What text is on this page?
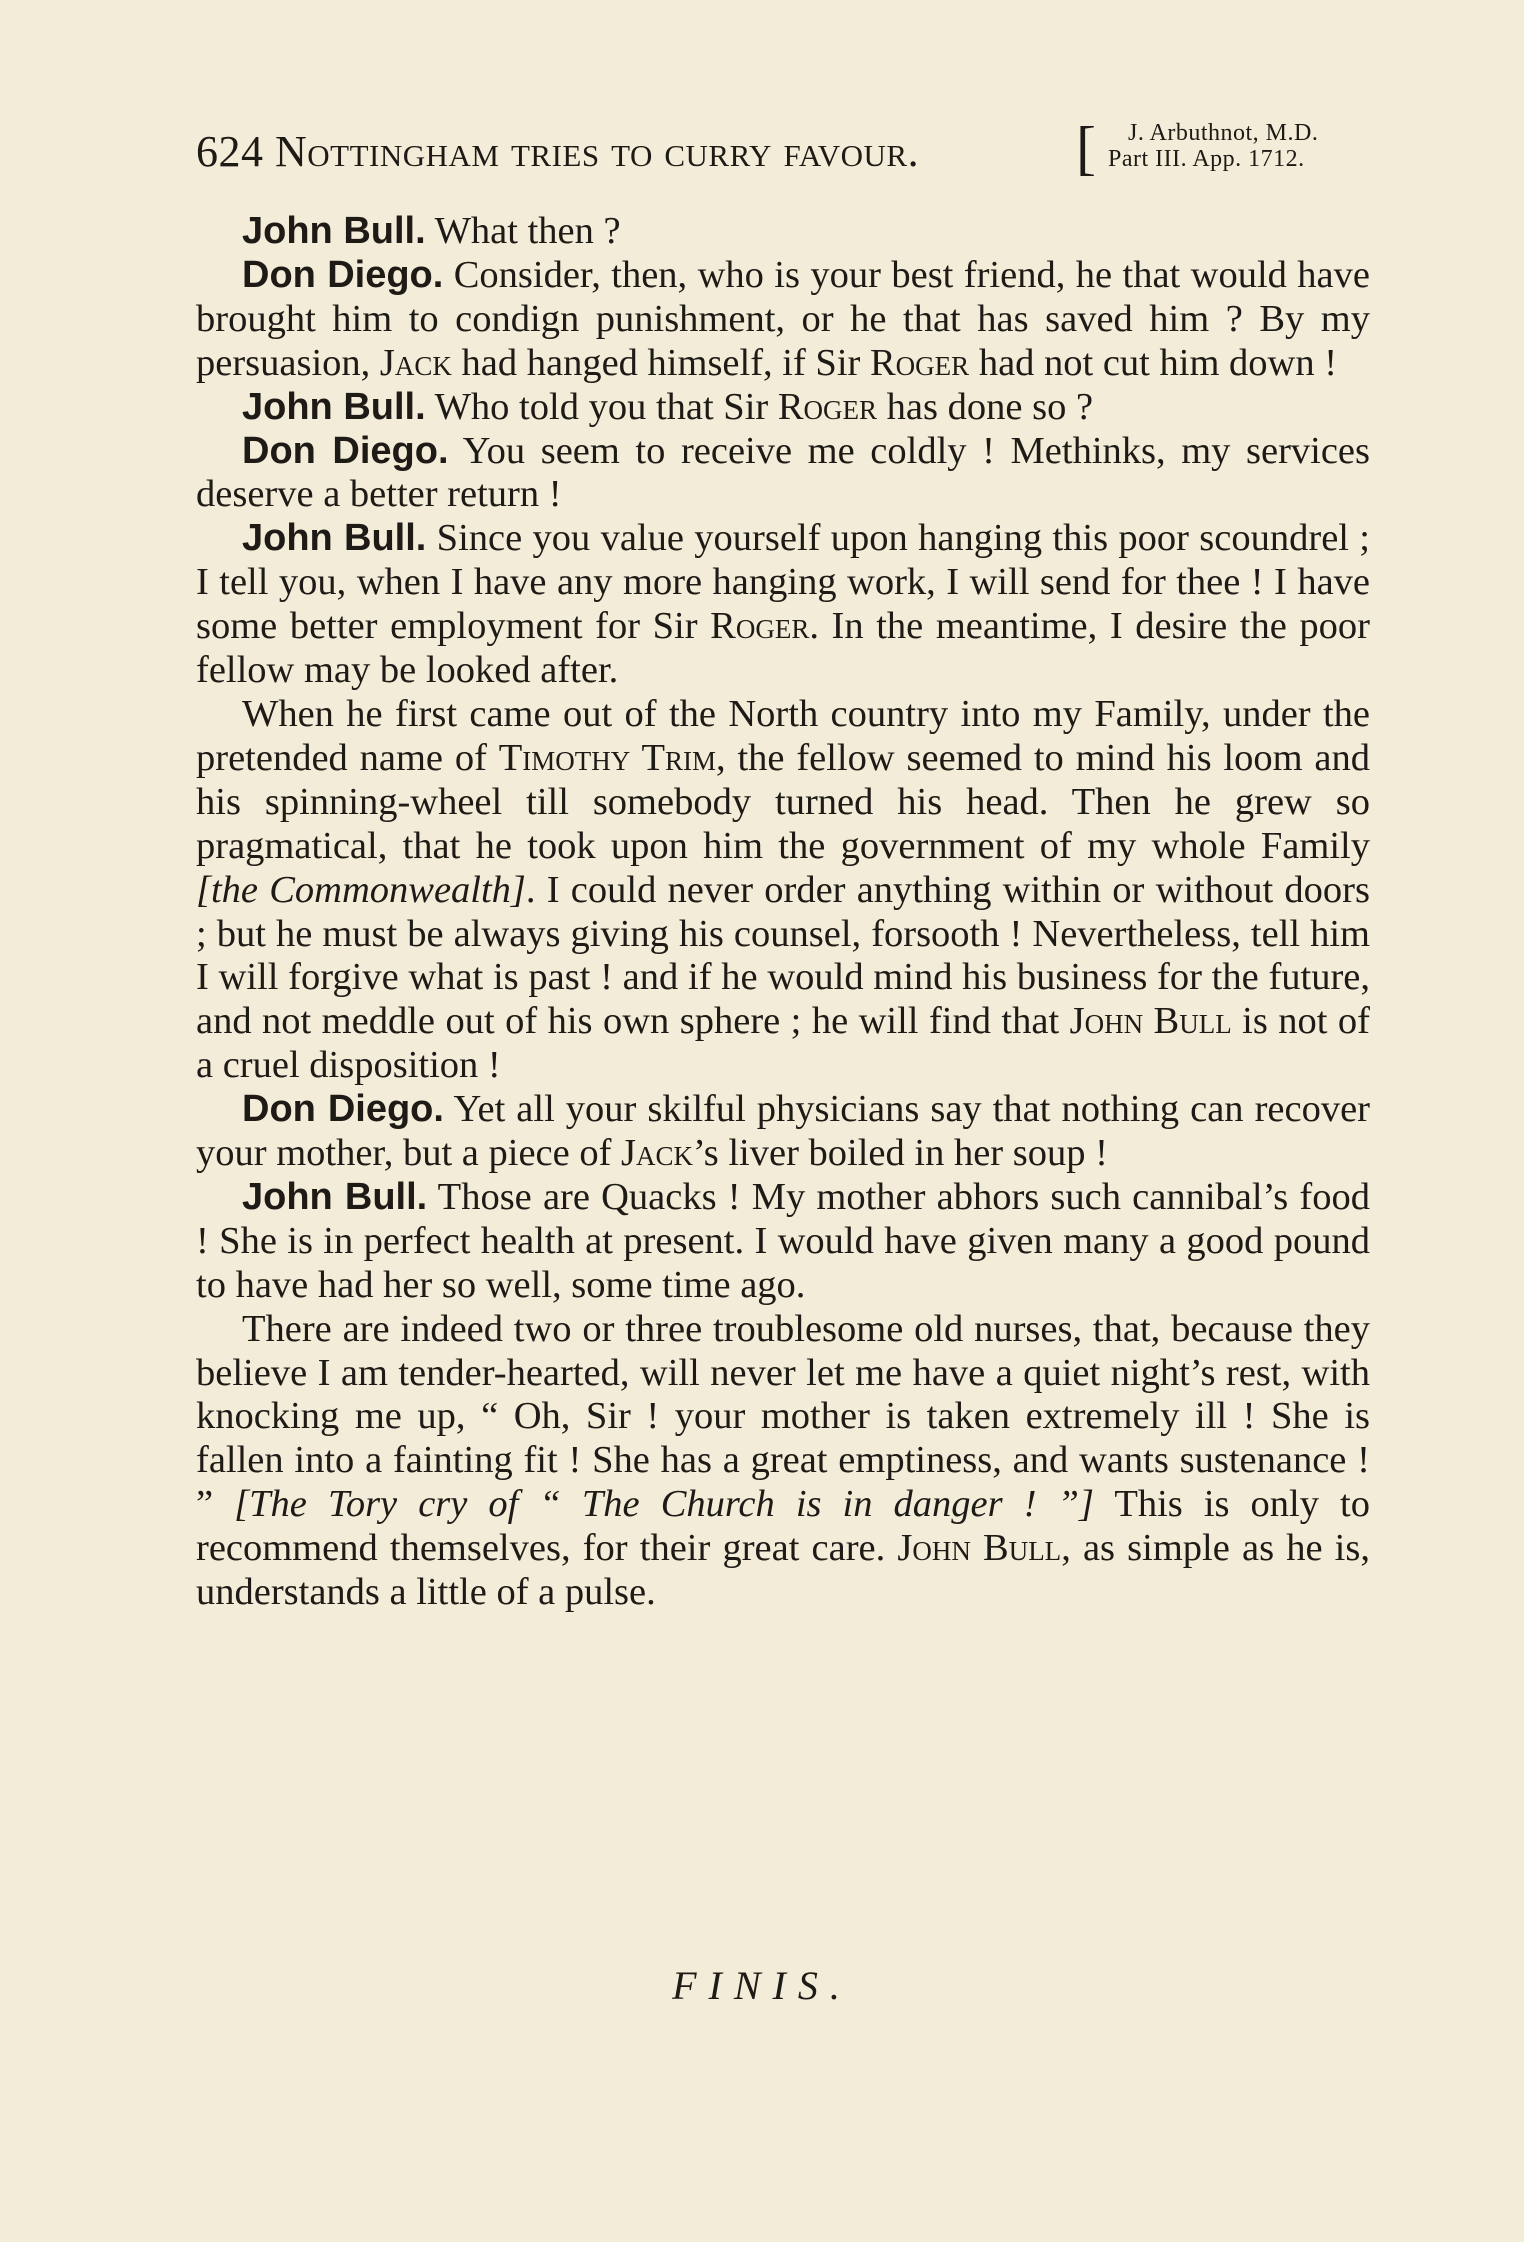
624 Nottingham tries to curry favour.	[	J. Arbuthnot, M.D.
Part III. App. 1712.

John Bull. What then ?

Don Diego. Consider, then, who is your best friend, he that would have brought him to condign punishment, or he that has saved him ? By my persuasion, Jack had hanged himself, if Sir Roger had not cut him down !

John Bull. Who told you that Sir Roger has done so ?

Don Diego. You seem to receive me coldly ! Methinks, my services deserve a better return !

John Bull. Since you value yourself upon hanging this poor scoundrel ; I tell you, when I have any more hanging work, I will send for thee ! I have some better employment for Sir Roger. In the meantime, I desire the poor fellow may be looked after.

When he first came out of the North country into my Family, under the pretended name of Timothy Trim, the fellow seemed to mind his loom and his spinning-wheel till somebody turned his head. Then he grew so pragmatical, that he took upon him the government of my whole Family [the Commonwealth]. I could never order anything within or without doors ; but he must be always giving his counsel, forsooth ! Nevertheless, tell him I will forgive what is past ! and if he would mind his business for the future, and not meddle out of his own sphere ; he will find that John Bull is not of a cruel disposition !

Don Diego. Yet all your skilful physicians say that nothing can recover your mother, but a piece of Jack’s liver boiled in her soup !

John Bull. Those are Quacks ! My mother abhors such cannibal’s food ! She is in perfect health at present. I would have given many a good pound to have had her so well, some time ago.

There are indeed two or three troublesome old nurses, that, because they believe I am tender-hearted, will never let me have a quiet night’s rest, with knocking me up, “ Oh, Sir ! your mother is taken extremely ill ! She is fallen into a fainting fit ! She has a great emptiness, and wants sustenance ! ” [The Tory cry of “ The Church is in danger ! ”] This is only to recommend themselves, for their great care. John Bull, as simple as he is, understands a little of a pulse.

FINIS.
